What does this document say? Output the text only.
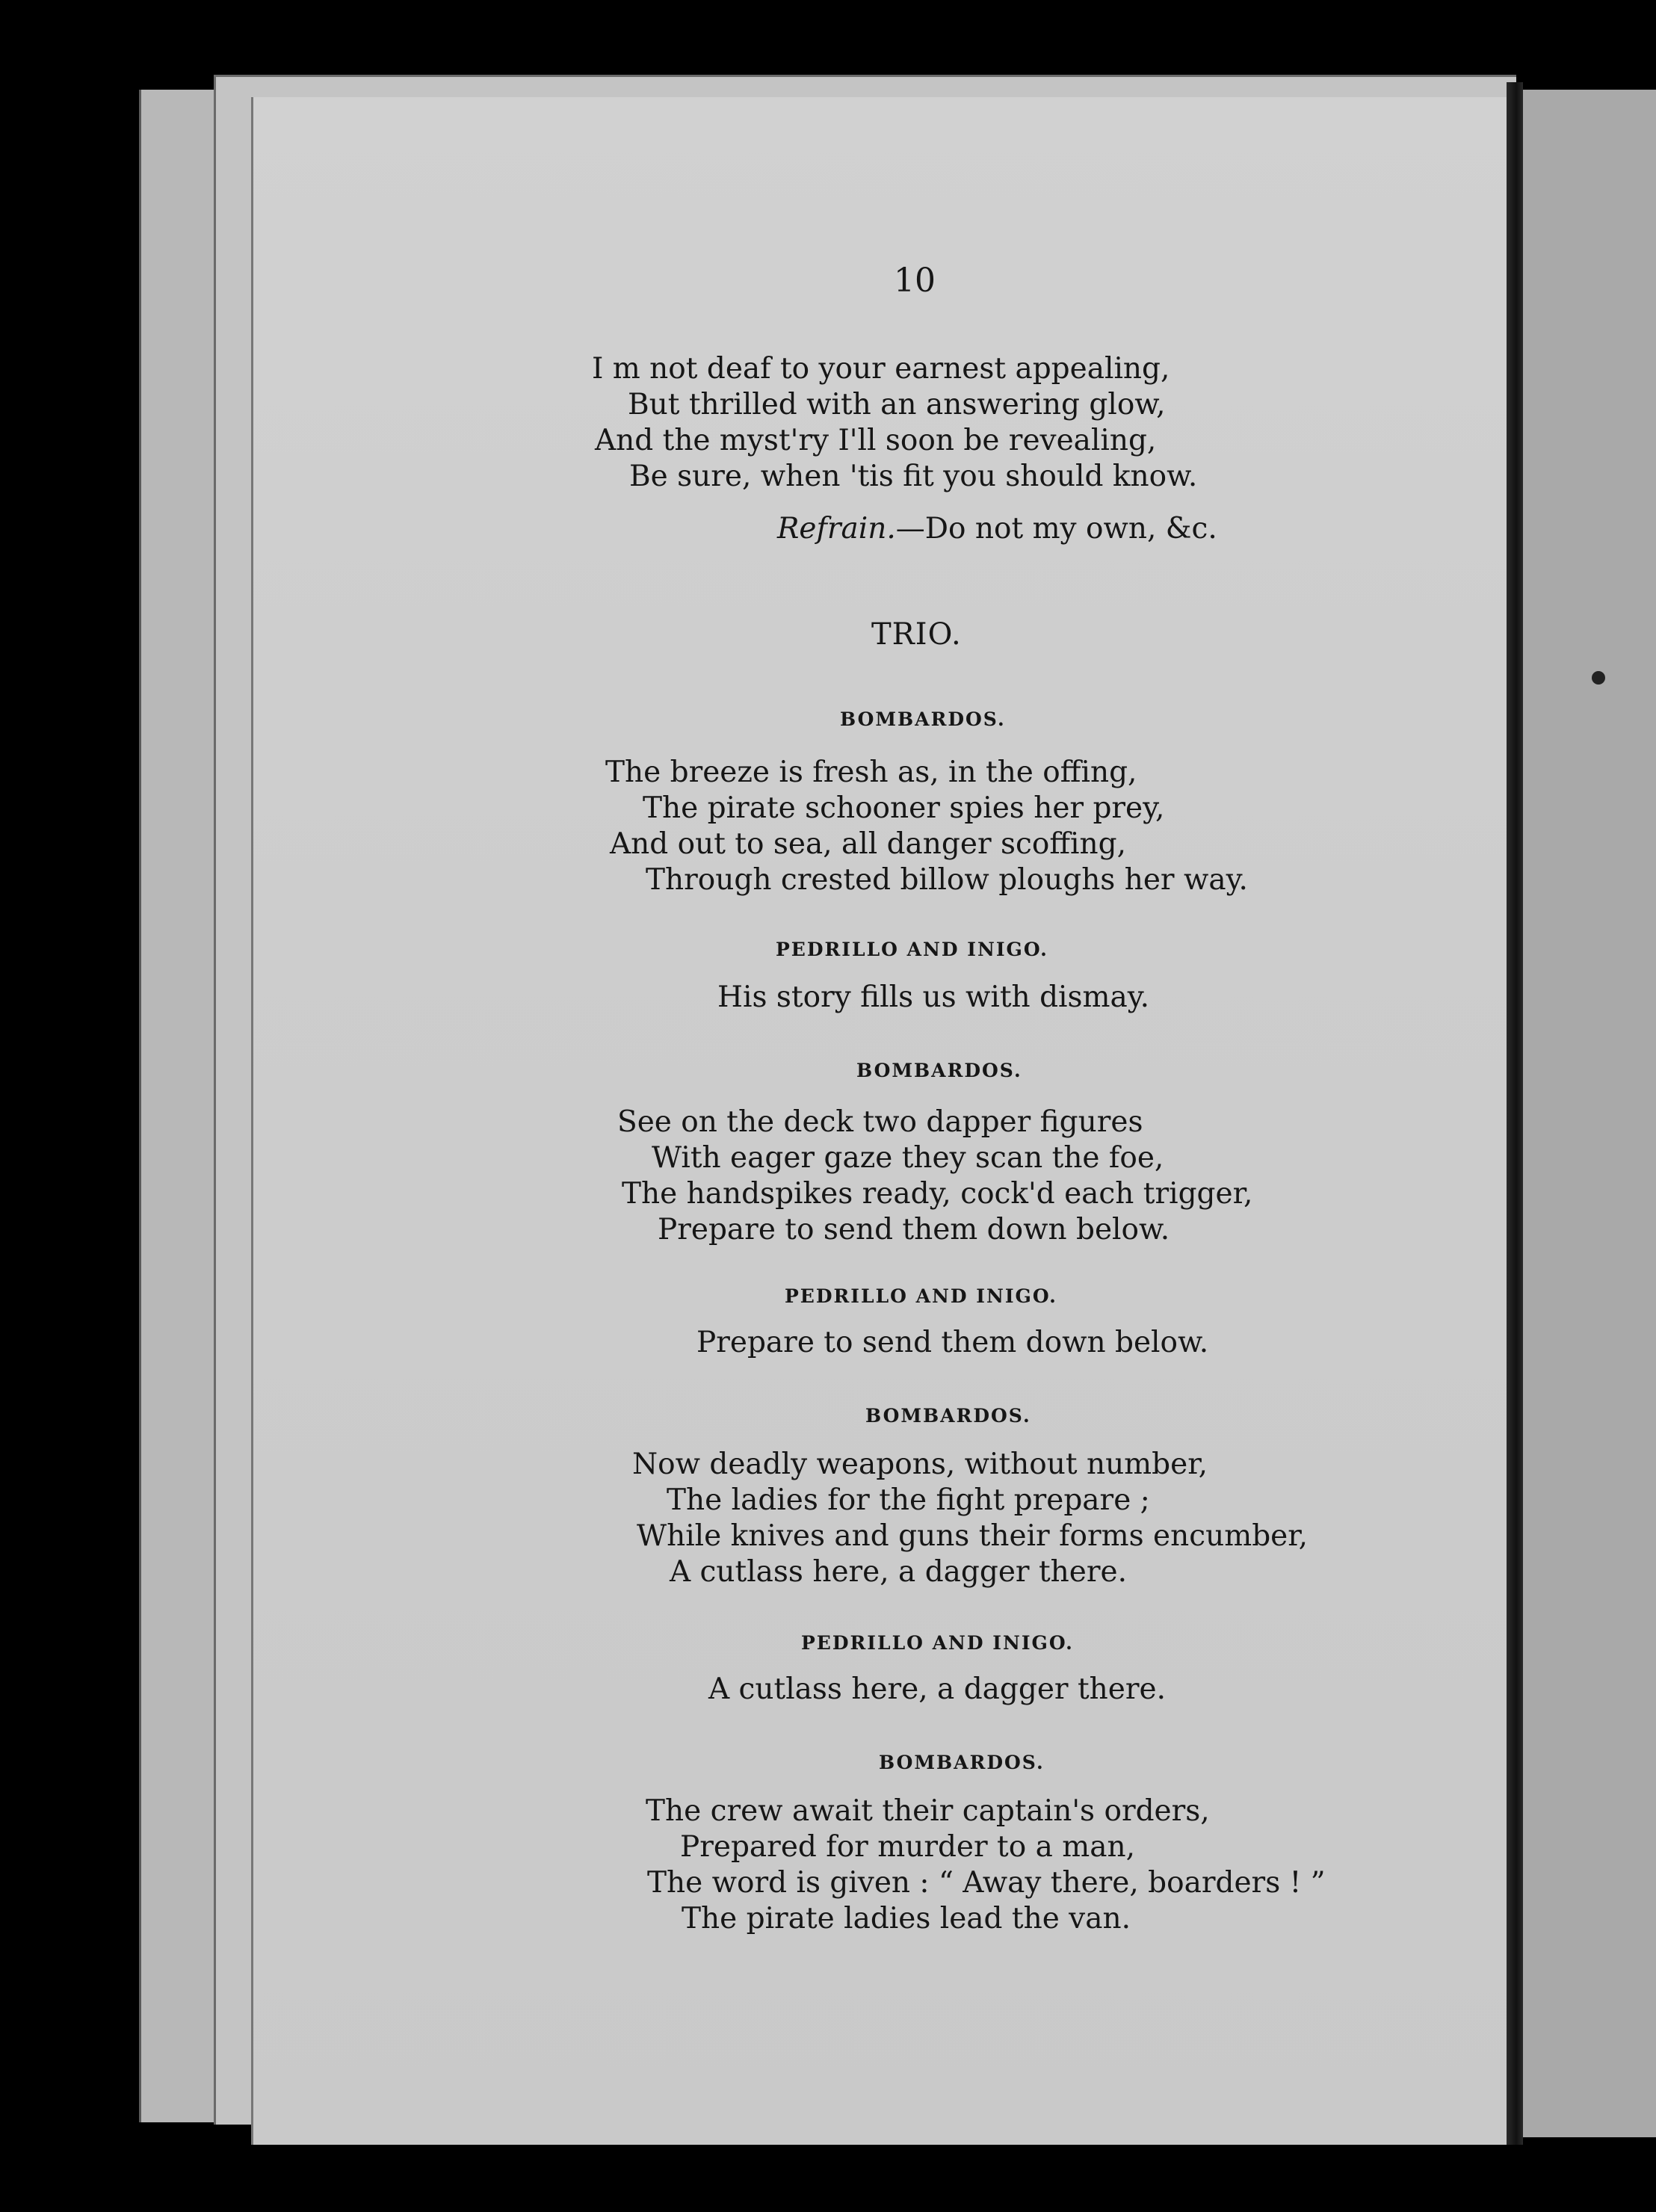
10
I m not deaf to your earnest appealing,
But thrilled with an answering glow,
And the myst'ry I'll soon be revealing,
Be sure, when 'tis fit you should know.
Refrain.—Do not my own, &c.
TRIO.
BOMBARDOS.
The breeze is fresh as, in the offing,
The pirate schooner spies her prey,
And out to sea, all danger scoffing,
Through crested billow ploughs her way.
PEDRILLO AND INIGO.
His story fills us with dismay.
BOMBARDOS.
See on the deck two dapper figures
With eager gaze they scan the foe,
The handspikes ready, cock'd each trigger,
Prepare to send them down below.
PEDRILLO AND INIGO.
Prepare to send them down below.
BOMBARDOS.
Now deadly weapons, without number,
The ladies for the fight prepare ;
While knives and guns their forms encumber,
A cutlass here, a dagger there.
PEDRILLO AND INIGO.
A cutlass here, a dagger there.
BOMBARDOS.
The crew await their captain's orders,
Prepared for murder to a man,
The word is given : “ Away there, boarders ! ”
The pirate ladies lead the van.
